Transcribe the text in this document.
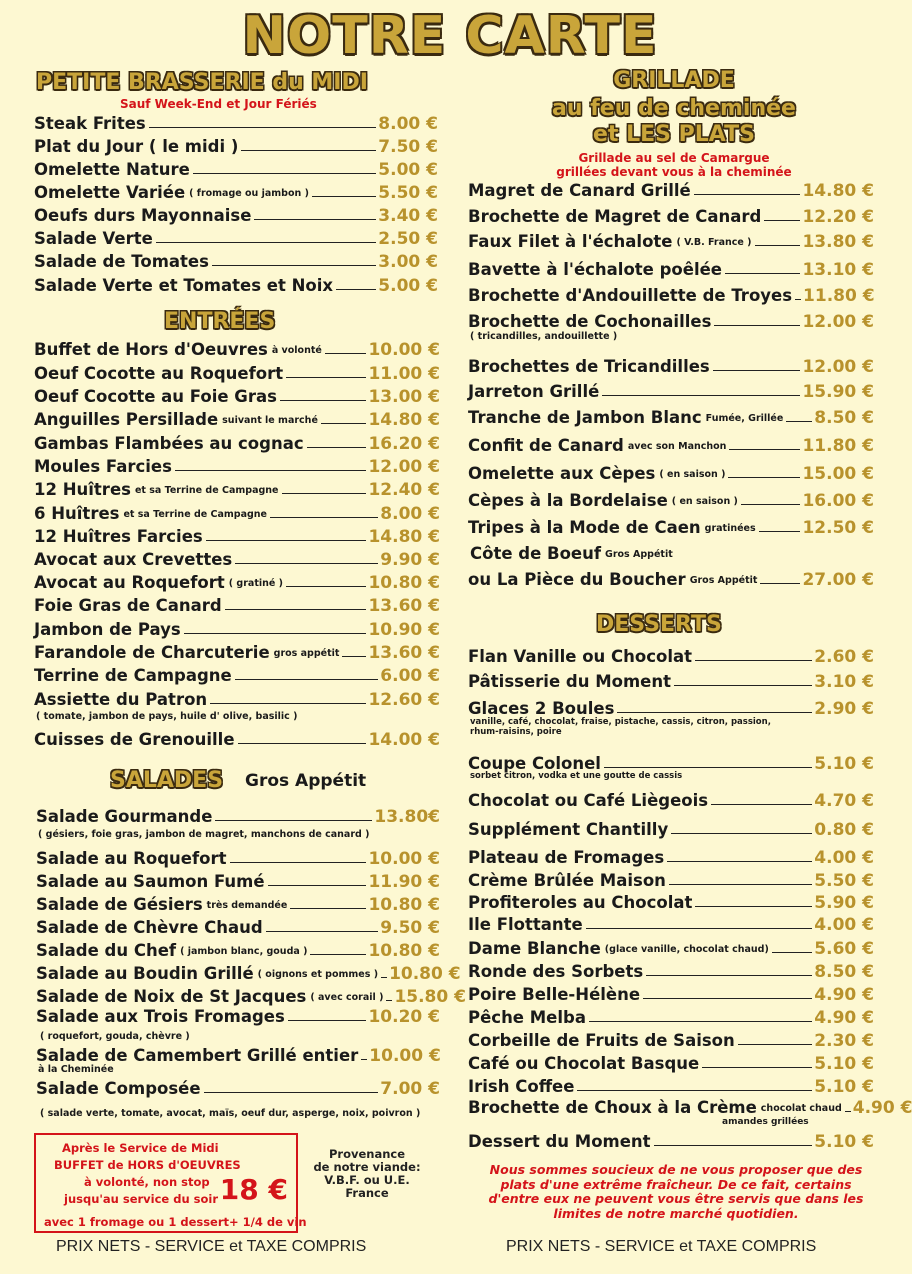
NOTRE CARTE
PETITE BRASSERIE du MIDI
Sauf Week-End et Jour Fériés
Steak Frites	8.00 €
Plat du Jour ( le midi )	7.50 €
Omelette Nature	5.00 €
Omelette Variée ( fromage ou jambon )	5.50 €
Oeufs durs Mayonnaise	3.40 €
Salade Verte	2.50 €
Salade de Tomates	3.00 €
Salade Verte et Tomates et Noix	5.00 €
ENTRÉES
Buffet de Hors d'Oeuvres à volonté	10.00 €
Oeuf Cocotte au Roquefort	11.00 €
Oeuf Cocotte au Foie Gras	13.00 €
Anguilles Persillade suivant le marché	14.80 €
Gambas Flambées au cognac	16.20 €
Moules Farcies	12.00 €
12 Huîtres et sa Terrine de Campagne	12.40 €
6 Huîtres et sa Terrine de Campagne	8.00 €
12 Huîtres Farcies	14.80 €
Avocat aux Crevettes	9.90 €
Avocat au Roquefort ( gratiné )	10.80 €
Foie Gras de Canard	13.60 €
Jambon de Pays	10.90 €
Farandole de Charcuterie gros appétit 13.60 €
Terrine de Campagne	6.00 €
Assiette du Patron	12.60 €
Cuisses de Grenouille	14.00 €
( tomate, jambon de pays, huile d' olive, basilic )
SALADES Gros Appétit
Salade Gourmande	13.80€
Salade au Roquefort	10.00 €
Salade au Saumon Fumé	11.90 €
Salade de Gésiers très demandée	10.80 €
Salade de Chèvre Chaud	9.50 €
Salade du Chef ( jambon blanc, gouda )	10.80 €
Salade au Boudin Grillé ( oignons et pommes ) 10.80 €
Salade de Noix de St Jacques ( avec corail ) 15.80 €
Salade aux Trois Fromages	10.20 €
Salade de Camembert Grillé entier 10.00 €
Salade Composée	7.00 €
( gésiers, foie gras, jambon de magret, manchons de canard )
( roquefort, gouda, chèvre )
à la Cheminée
( salade verte, tomate, avocat, maïs, oeuf dur, asperge, noix, poivron )
Après le Service de Midi
BUFFET de HORS d'OEUVRES
à volonté, non stop
jusqu'au service du soir 18 €
avec 1 fromage ou 1 dessert+ 1/4 de vin
Provenance
de notre viande:
V.B.F. ou U.E.
France
PRIX NETS - SERVICE et TAXE COMPRIS
GRILLADE
au feu de cheminée
et LES PLATS
Grillade au sel de Camargue
grillées devant vous à la cheminée
Magret de Canard Grillé	14.80 €
Brochette de Magret de Canard 12.20 €
Faux Filet à l'échalote ( V.B. France )	13.80 €
Bavette à l'échalote poêlée	13.10 €
Brochette d'Andouillette de Troyes 11.80 €
Brochette de Cochonailles	12.00 €
Brochettes de Tricandilles	12.00 €
Jarreton Grillé	15.90 €
Tranche de Jambon Blanc Fumée, Grillée 8.50 €
Confit de Canard avec son Manchon	11.80 €
Omelette aux Cèpes ( en saison )	15.00 €
Cèpes à la Bordelaise ( en saison )	16.00 €
Tripes à la Mode de Caen gratinées	12.50 €
ou La Pièce du Boucher Gros Appétit	27.00 €
( tricandilles, andouillette )
Côte de Boeuf Gros Appétit
DESSERTS
Flan Vanille ou Chocolat	2.60 €
Pâtisserie du Moment	3.10 €
Glaces 2 Boules	2.90 €
Coupe Colonel	5.10 €
Chocolat ou Café Liègeois	4.70 €
Supplément Chantilly	0.80 €
Plateau de Fromages	4.00 €
Crème Brûlée Maison	5.50 €
Profiteroles au Chocolat	5.90 €
Ile Flottante	4.00 €
Dame Blanche (glace vanille, chocolat chaud)	5.60 €
Ronde des Sorbets	8.50 €
Poire Belle-Hélène	4.90 €
Pêche Melba	4.90 €
Corbeille de Fruits de Saison	2.30 €
Café ou Chocolat Basque	5.10 €
Irish Coffee	5.10 €
Brochette de Choux à la Crème chocolat chaud 4.90 €
Dessert du Moment	5.10 €
vanille, café, chocolat, fraise, pistache, cassis, citron, passion,
rhum-raisins, poire
sorbet citron, vodka et une goutte de cassis
amandes grillées
Nous sommes soucieux de ne vous proposer que des plats d'une extrême fraîcheur. De ce fait, certains d'entre eux ne peuvent vous être servis que dans les limites de notre marché quotidien.
PRIX NETS - SERVICE et TAXE COMPRIS
